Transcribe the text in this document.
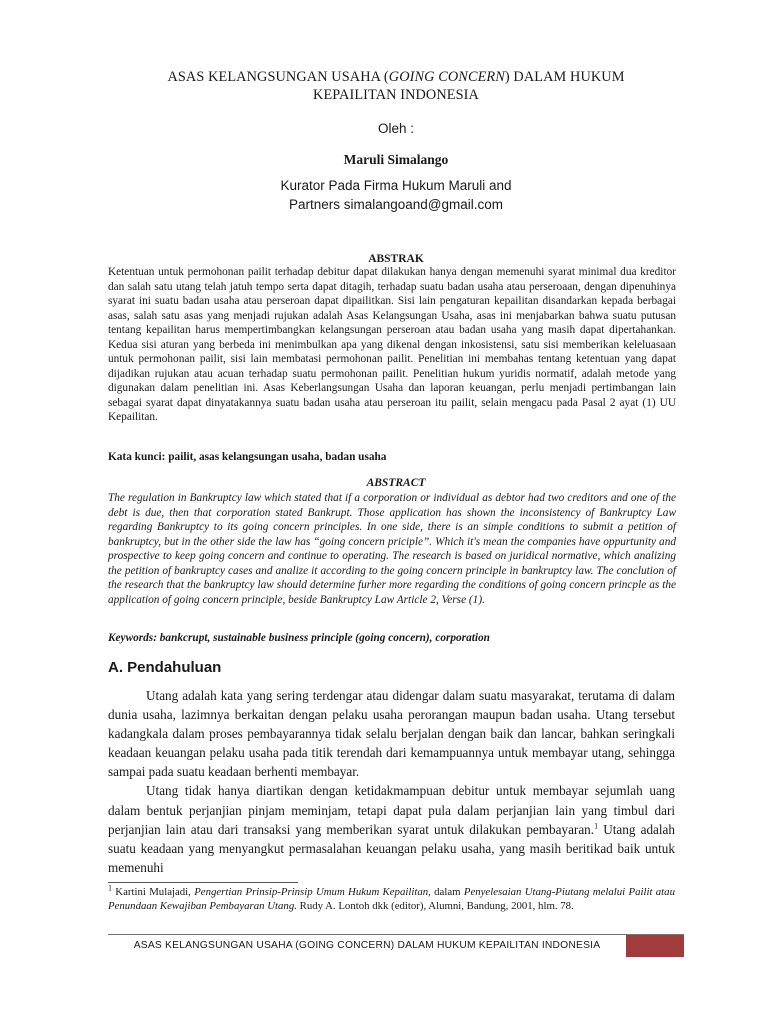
ASAS KELANGSUNGAN USAHA (GOING CONCERN) DALAM HUKUM
KEPAILITAN INDONESIA
Oleh :
Maruli Simalango
Kurator Pada Firma Hukum Maruli and
Partners simalangoand@gmail.com
ABSTRAK
Ketentuan untuk permohonan pailit terhadap debitur dapat dilakukan hanya dengan memenuhi syarat minimal dua kreditor dan salah satu utang telah jatuh tempo serta dapat ditagih, terhadap suatu badan usaha atau perseroaan, dengan dipenuhinya syarat ini suatu badan usaha atau perseroan dapat dipailitkan. Sisi lain pengaturan kepailitan disandarkan kepada berbagai asas, salah satu asas yang menjadi rujukan adalah Asas Kelangsungan Usaha, asas ini menjabarkan bahwa suatu putusan tentang kepailitan harus mempertimbangkan kelangsungan perseroan atau badan usaha yang masih dapat dipertahankan. Kedua sisi aturan yang berbeda ini menimbulkan apa yang dikenal dengan inkosistensi, satu sisi memberikan keleluasaan untuk permohonan pailit, sisi lain membatasi permohonan pailit. Penelitian ini membahas tentang ketentuan yang dapat dijadikan rujukan atau acuan terhadap suatu permohonan pailit. Penelitian hukum yuridis normatif, adalah metode yang digunakan dalam penelitian ini. Asas Keberlangsungan Usaha dan laporan keuangan, perlu menjadi pertimbangan lain sebagai syarat dapat dinyatakannya suatu badan usaha atau perseroan itu pailit, selain mengacu pada Pasal 2 ayat (1) UU Kepailitan.
Kata kunci: pailit, asas kelangsungan usaha, badan usaha
ABSTRACT
The regulation in Bankruptcy law which stated that if a corporation or individual as debtor had two creditors and one of the debt is due, then that corporation stated Bankrupt. Those application has shown the inconsistency of Bankruptcy Law regarding Bankruptcy to its going concern principles. In one side, there is an simple conditions to submit a petition of bankruptcy, but in the other side the law has “going concern priciple”. Which it's mean the companies have oppurtunity and prospective to keep going concern and continue to operating. The research is based on juridical normative, which analizing the petition of bankruptcy cases and analize it according to the going concern principle in bankruptcy law. The conclution of the research that the bankruptcy law should determine furher more regarding the conditions of going concern princple as the application of going concern principle, beside Bankruptcy Law Article 2, Verse (1).
Keywords: bankcrupt, sustainable business principle (going concern), corporation
A. Pendahuluan

Utang adalah kata yang sering terdengar atau didengar dalam suatu masyarakat, terutama di dalam dunia usaha, lazimnya berkaitan dengan pelaku usaha perorangan maupun badan usaha. Utang tersebut kadangkala dalam proses pembayarannya tidak selalu berjalan dengan baik dan lancar, bahkan seringkali keadaan keuangan pelaku usaha pada titik terendah dari kemampuannya untuk membayar utang, sehingga sampai pada suatu keadaan berhenti membayar.

Utang tidak hanya diartikan dengan ketidakmampuan debitur untuk membayar sejumlah uang dalam bentuk perjanjian pinjam meminjam, tetapi dapat pula dalam perjanjian lain yang timbul dari perjanjian lain atau dari transaksi yang memberikan syarat untuk dilakukan pembayaran.$^1$ Utang adalah suatu keadaan yang menyangkut permasalahan keuangan pelaku usaha, yang masih beritikad baik untuk memenuhi

$^1$ Kartini Mulajadi, Pengertian Prinsip-Prinsip Umum Hukum Kepailitan, dalam Penyelesaian Utang-Piutang melalui Pailit atau Penundaan Kewajiban Pembayaran Utang. Rudy A. Lontoh dkk (editor), Alumni, Bandung, 2001, hlm. 78.
ASAS KELANGSUNGAN USAHA (GOING CONCERN) DALAM HUKUM KEPAILITAN INDONESIA
